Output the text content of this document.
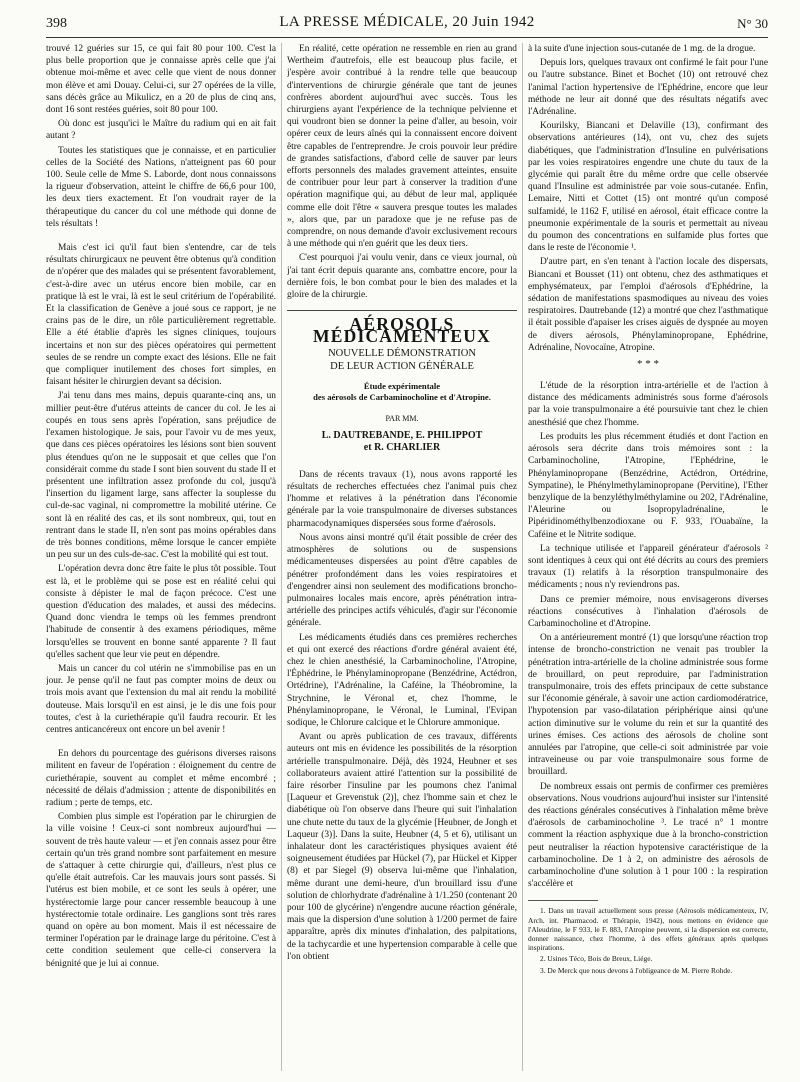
398	LA PRESSE MÉDICALE, 20 Juin 1942	N° 30

trouvé 12 guéries sur 15, ce qui fait 80 pour 100. C'est la plus belle proportion que je connaisse après celle que j'ai obtenue moi-même et avec celle que vient de nous donner mon élève et ami Douay. Celui-ci, sur 27 opérées de la ville, sans décès grâce au Mikulicz, en a 20 de plus de cinq ans, dont 16 sont restées guéries, soit 80 pour 100.

Où donc est jusqu'ici le Maître du radium qui en ait fait autant ?

Toutes les statistiques que je connaisse, et en particulier celles de la Société des Nations, n'atteignent pas 60 pour 100. Seule celle de Mme S. Laborde, dont nous connaissons la rigueur d'observation, atteint le chiffre de 66,6 pour 100, les deux tiers exactement. Et l'on voudrait rayer de la thérapeutique du cancer du col une méthode qui donne de tels résultats !

Mais c'est ici qu'il faut bien s'entendre, car de tels résultats chirurgicaux ne peuvent être obtenus qu'à condition de n'opérer que des malades qui se présentent favorablement, c'est-à-dire avec un utérus encore bien mobile, car en pratique là est le vrai, là est le seul critérium de l'opérabilité. Et la classification de Genève a joué sous ce rapport, je ne crains pas de le dire, un rôle particulièrement regrettable. Elle a été établie d'après les signes cliniques, toujours incertains et non sur des pièces opératoires qui permettent seules de se rendre un compte exact des lésions. Elle ne fait que compliquer inutilement des choses fort simples, en faisant hésiter le chirurgien devant sa décision.

J'ai tenu dans mes mains, depuis quarante-cinq ans, un millier peut-être d'utérus atteints de cancer du col. Je les ai coupés en tous sens après l'opération, sans préjudice de l'examen histologique. Je sais, pour l'avoir vu de mes yeux, que dans ces pièces opératoires les lésions sont bien souvent plus étendues qu'on ne le supposait et que celles que l'on considérait comme du stade I sont bien souvent du stade II et présentent une infiltration assez profonde du col, jusqu'à l'insertion du ligament large, sans affecter la souplesse du cul-de-sac vaginal, ni compromettre la mobilité utérine. Ce sont là en réalité des cas, et ils sont nombreux, qui, tout en rentrant dans le stade II, n'en sont pas moins opérables dans de très bonnes conditions, même lorsque le cancer empiète un peu sur un des culs-de-sac. C'est la mobilité qui est tout.

L'opération devra donc être faite le plus tôt possible. Tout est là, et le problème qui se pose est en réalité celui qui consiste à dépister le mal de façon précoce. C'est une question d'éducation des malades, et aussi des médecins. Quand donc viendra le temps où les femmes prendront l'habitude de consentir à des examens périodiques, même lorsqu'elles se trouvent en bonne santé apparente ? Il faut qu'elles sachent que leur vie peut en dépendre.

Mais un cancer du col utérin ne s'immobilise pas en un jour. Je pense qu'il ne faut pas compter moins de deux ou trois mois avant que l'extension du mal ait rendu la mobilité douteuse. Mais lorsqu'il en est ainsi, je le dis une fois pour toutes, c'est à la curiethérapie qu'il faudra recourir. Et les centres anticancéreux ont encore un bel avenir !

En dehors du pourcentage des guérisons diverses raisons militent en faveur de l'opération : éloignement du centre de curiethérapie, souvent au complet et même encombré ; nécessité de délais d'admission ; attente de disponibilités en radium ; perte de temps, etc.

Combien plus simple est l'opération par le chirurgien de la ville voisine ! Ceux-ci sont nombreux aujourd'hui — souvent de très haute valeur — et j'en connais assez pour être certain qu'un très grand nombre sont parfaitement en mesure de s'attaquer à cette chirurgie qui, d'ailleurs, n'est plus ce qu'elle était autrefois. Car les mauvais jours sont passés. Si l'utérus est bien mobile, et ce sont les seuls à opérer, une hystérectomie large pour cancer ressemble beaucoup à une hystérectomie totale ordinaire. Les ganglions sont très rares quand on opère au bon moment. Mais il est nécessaire de terminer l'opération par le drainage large du péritoine. C'est à cette condition seulement que celle-ci conservera la bénignité que je lui ai connue.

En réalité, cette opération ne ressemble en rien au grand Wertheim d'autrefois, elle est beaucoup plus facile, et j'espère avoir contribué à la rendre telle que beaucoup d'interventions de chirurgie générale que tant de jeunes confrères abordent aujourd'hui avec succès. Tous les chirurgiens ayant l'expérience de la technique pelvienne et qui voudront bien se donner la peine d'aller, au besoin, voir opérer ceux de leurs aînés qui la connaissent encore doivent être capables de l'entreprendre. Je crois pouvoir leur prédire de grandes satisfactions, d'abord celle de sauver par leurs efforts personnels des malades gravement atteintes, ensuite de contribuer pour leur part à conserver la tradition d'une opération magnifique qui, au début de leur mal, appliquée comme elle doit l'être « sauvera presque toutes les malades », alors que, par un paradoxe que je ne refuse pas de comprendre, on nous demande d'avoir exclusivement recours à une méthode qui n'en guérit que les deux tiers.

C'est pourquoi j'ai voulu venir, dans ce vieux journal, où j'ai tant écrit depuis quarante ans, combattre encore, pour la dernière fois, le bon combat pour le bien des malades et la gloire de la chirurgie.

AÉROSOLS MÉDICAMENTEUX
NOUVELLE DÉMONSTRATION
DE LEUR ACTION GÉNÉRALE
Étude expérimentale
des aérosols de Carbaminocholine et d'Atropine.
PAR MM.
L. DAUTREBANDE, E. PHILIPPOT
et R. CHARLIER

Dans de récents travaux (1), nous avons rapporté les résultats de recherches effectuées chez l'animal puis chez l'homme et relatives à la pénétration dans l'économie générale par la voie transpulmonaire de diverses substances pharmacodynamiques dispersées sous forme d'aérosols.

Nous avons ainsi montré qu'il était possible de créer des atmosphères de solutions ou de suspensions médicamenteuses dispersées au point d'être capables de pénétrer profondément dans les voies respiratoires et d'engendrer ainsi non seulement des modifications broncho-pulmonaires locales mais encore, après pénétration intra-artérielle des principes actifs véhiculés, d'agir sur l'économie générale.

Les médicaments étudiés dans ces premières recherches et qui ont exercé des réactions d'ordre général avaient été, chez le chien anesthésié, la Carbaminocholine, l'Atropine, l'Éphédrine, le Phénylaminopropane (Benzédrine, Actédron, Ortédrine), l'Adrénaline, la Caféine, la Théobromine, la Strychnine, le Véronal et, chez l'homme, le Phénylaminopropane, le Véronal, le Luminal, l'Evipan sodique, le Chlorure calcique et le Chlorure ammonique.

Avant ou après publication de ces travaux, différents auteurs ont mis en évidence les possibilités de la résorption artérielle transpulmonaire. Déjà, dès 1924, Heubner et ses collaborateurs avaient attiré l'attention sur la possibilité de faire résorber l'insuline par les poumons chez l'animal [Laqueur et Grevenstuk (2)], chez l'homme sain et chez le diabétique où l'on observe dans l'heure qui suit l'inhalation une chute nette du taux de la glycémie [Heubner, de Jongh et Laqueur (3)]. Dans la suite, Heubner (4, 5 et 6), utilisant un inhalateur dont les caractéristiques physiques avaient été soigneusement étudiées par Hückel (7), par Hückel et Kipper (8) et par Siegel (9) observa lui-même que l'inhalation, même durant une demi-heure, d'un brouillard issu d'une solution de chlorhydrate d'adrénaline à 1/1.250 (contenant 20 pour 100 de glycérine) n'engendre aucune réaction générale, mais que la dispersion d'une solution à 1/200 permet de faire apparaître, après dix minutes d'inhalation, des palpitations, de la tachycardie et une hypertension comparable à celle que l'on obtient

à la suite d'une injection sous-cutanée de 1 mg. de la drogue.

Depuis lors, quelques travaux ont confirmé le fait pour l'une ou l'autre substance. Binet et Bochet (10) ont retrouvé chez l'animal l'action hypertensive de l'Ephédrine, encore que leur méthode ne leur ait donné que des résultats négatifs avec l'Adrénaline.

Kourilsky, Biancani et Delaville (13), confirmant des observations antérieures (14), ont vu, chez des sujets diabétiques, que l'administration d'Insuline en pulvérisations par les voies respiratoires engendre une chute du taux de la glycémie qui paraît être du même ordre que celle observée quand l'Insuline est administrée par voie sous-cutanée. Enfin, Lemaire, Nitti et Cottet (15) ont montré qu'un composé sulfamidé, le 1162 F, utilisé en aérosol, était efficace contre la pneumonie expérimentale de la souris et permettait au niveau du poumon des concentrations en sulfamide plus fortes que dans le reste de l'économie ¹.

D'autre part, en s'en tenant à l'action locale des dispersats, Biancani et Bousset (11) ont obtenu, chez des asthmatiques et emphysémateux, par l'emploi d'aérosols d'Ephédrine, la sédation de manifestations spasmodiques au niveau des voies respiratoires. Dautrebande (12) a montré que chez l'asthmatique il était possible d'apaiser les crises aiguës de dyspnée au moyen de divers aérosols, Phénylaminopropane, Ephédrine, Adrénaline, Novocaïne, Atropine.

* * *

L'étude de la résorption intra-artérielle et de l'action à distance des médicaments administrés sous forme d'aérosols par la voie transpulmonaire a été poursuivie tant chez le chien anesthésié que chez l'homme.

Les produits les plus récemment étudiés et dont l'action en aérosols sera décrite dans trois mémoires sont : la Carbaminocholine, l'Atropine, l'Ephédrine, le Phénylaminopropane (Benzédrine, Actédron, Ortédrine, Sympatine), le Phénylmethylaminopropane (Pervitine), l'Ether benzylique de la benzyléthylméthylamine ou 202, l'Adrénaline, l'Aleurine ou Isopropyladrénaline, le Pipéridinométhylbenzodioxane ou F. 933, l'Ouabaïne, la Caféine et le Nitrite sodique.

La technique utilisée et l'appareil générateur d'aérosols ² sont identiques à ceux qui ont été décrits au cours des premiers travaux (1) relatifs à la résorption transpulmonaire des médicaments ; nous n'y reviendrons pas.

Dans ce premier mémoire, nous envisagerons diverses réactions consécutives à l'inhalation d'aérosols de Carbaminocholine et d'Atropine.

On a antérieurement montré (1) que lorsqu'une réaction trop intense de broncho-constriction ne venait pas troubler la pénétration intra-artérielle de la choline administrée sous forme de brouillard, on peut reproduire, par l'administration transpulmonaire, trois des effets principaux de cette substance sur l'économie générale, à savoir une action cardiomodératrice, l'hypotension par vaso-dilatation périphérique ainsi qu'une action diminutive sur le volume du rein et sur la quantité des urines émises. Ces actions des aérosols de choline sont annulées par l'atropine, que celle-ci soit administrée par voie intraveineuse ou par voie transpulmonaire sous forme de brouillard.

De nombreux essais ont permis de confirmer ces premières observations. Nous voudrions aujourd'hui insister sur l'intensité des réactions générales consécutives à l'inhalation même brève d'aérosols de carbaminocholine ³. Le tracé n° 1 montre comment la réaction asphyxique due à la broncho-constriction peut neutraliser la réaction hypotensive caractéristique de la carbaminocholine. De 1 à 2, on administre des aérosols de carbaminocholine d'une solution à 1 pour 100 : la respiration s'accélère et

1. Dans un travail actuellement sous presse (Aérosols médicamenteux, IV, Arch. int. Pharmacod. et Thérapie, 1942), nous mettons en évidence que l'Aleudrine, le F 933, le F. 883, l'Atropine peuvent, si la dispersion est correcte, donner naissance, chez l'homme, à des effets généraux après quelques inspirations.

2. Usines Téco, Bois de Breux, Liége.

3. De Merck que nous devons à l'obligeance de M. Pierre Rohde.
